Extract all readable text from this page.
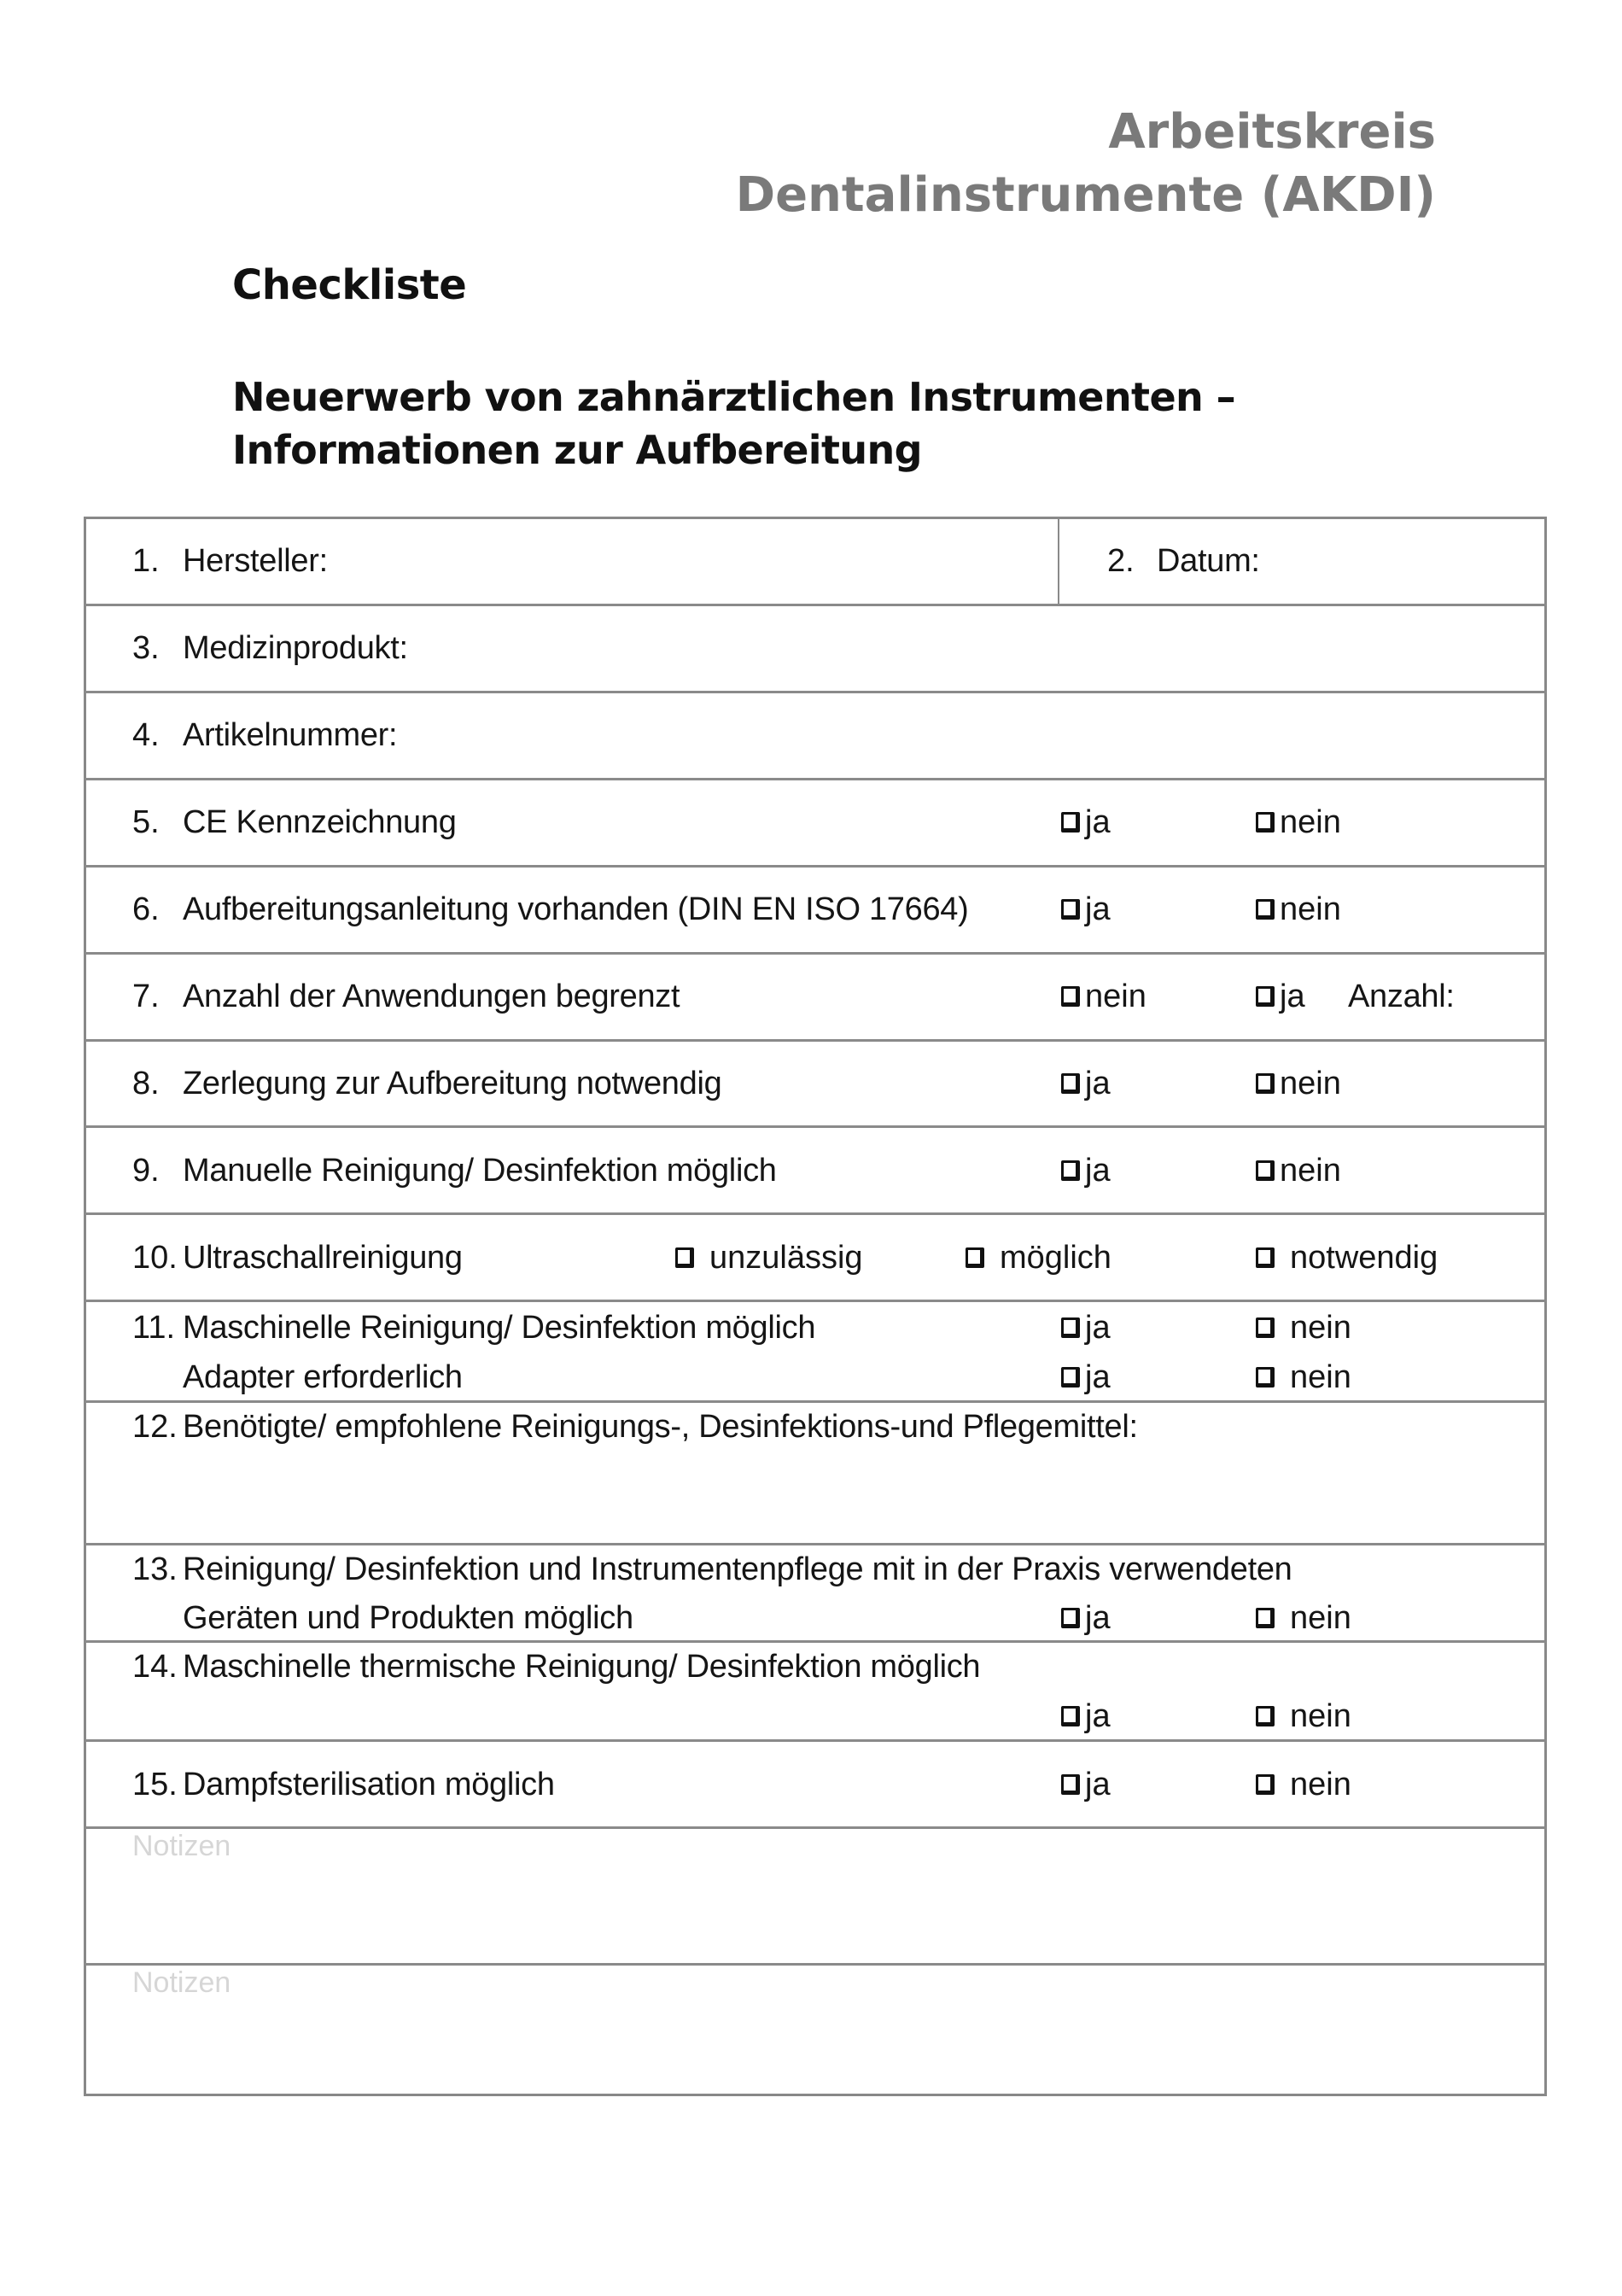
Arbeitskreis
Dentalinstrumente (AKDI)
Checkliste
Neuerwerb von zahnärztlichen Instrumenten –
Informationen zur Aufbereitung
1. Hersteller:	2. Datum:
3. Medizinprodukt:
4. Artikelnummer:
5. CE Kennzeichnung	ja	nein
6. Aufbereitungsanleitung vorhanden (DIN EN ISO 17664)	ja	nein
7. Anzahl der Anwendungen begrenzt	nein	ja Anzahl:
8. Zerlegung zur Aufbereitung notwendig	ja	nein
9. Manuelle Reinigung/ Desinfektion möglich	ja	nein
10. Ultraschallreinigung	unzulässig	möglich	notwendig
11. Maschinelle Reinigung/ Desinfektion möglich	ja	nein
Adapter erforderlich	ja	nein
12. Benötigte/ empfohlene Reinigungs-, Desinfektions-und Pflegemittel:
13. Reinigung/ Desinfektion und Instrumentenpflege mit in der Praxis verwendeten
Geräten und Produkten möglich	ja	nein
14. Maschinelle thermische Reinigung/ Desinfektion möglich
ja	nein
15. Dampfsterilisation möglich	ja	nein
Notizen
Notizen
